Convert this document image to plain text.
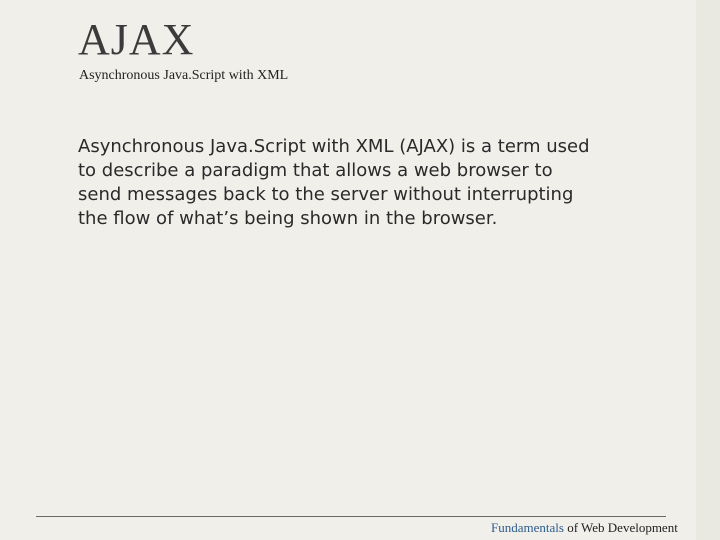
AJAX
Asynchronous Java.Script with XML

Asynchronous Java.Script with XML (AJAX) is a term used to describe a paradigm that allows a web browser to send messages back to the server without interrupting the flow of what’s being shown in the browser.

Fundamentals of Web Development
